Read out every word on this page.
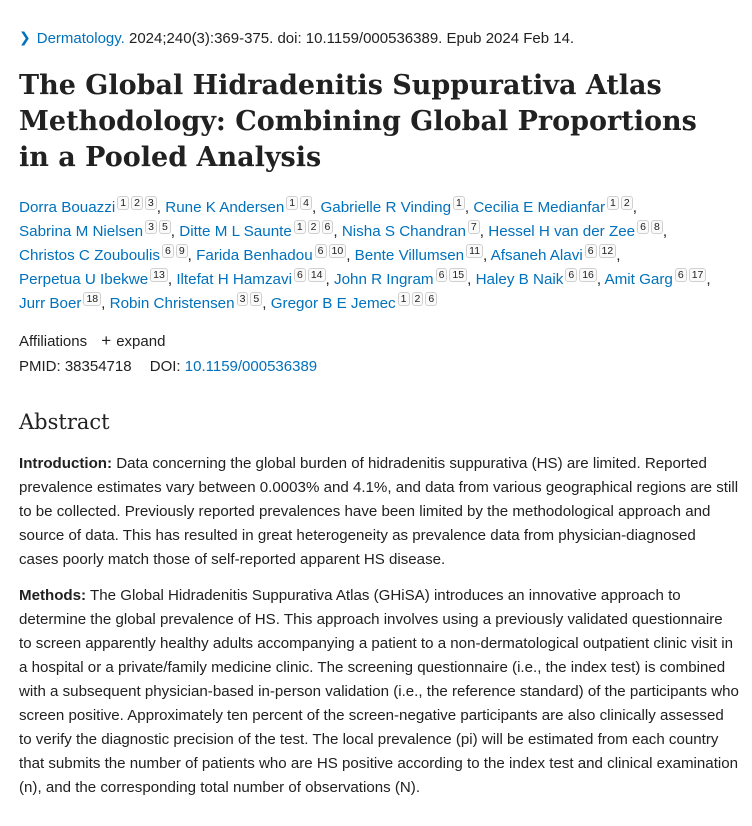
❯ Dermatology. 2024;240(3):369-375. doi: 10.1159/000536389. Epub 2024 Feb 14.
The Global Hidradenitis Suppurativa Atlas Methodology: Combining Global Proportions in a Pooled Analysis
Dorra Bouazzi $^{1 2 3}$ , Rune K Andersen $^{1 4}$ , Gabrielle R Vinding $^1$ , Cecilia E Medianfar $^{1 2}$ , Sabrina M Nielsen $^{3 5}$ , Ditte M L Saunte $^{1 2 6}$ , Nisha S Chandran $^7$ , Hessel H van der Zee $^{6 8}$ , Christos C Zouboulis $^{6 9}$ , Farida Benhadou $^{6 10}$ , Bente Villumsen $^{11}$ , Afsaneh Alavi $^{6 12}$ , Perpetua U Ibekwe $^{13}$ , Iltefat H Hamzavi $^{6 14}$ , John R Ingram $^{6 15}$ , Haley B Naik $^{6 16}$ , Amit Garg $^{6 17}$ , Jurr Boer $^{18}$ , Robin Christensen $^{3 5}$ , Gregor B E Jemec $^{1 2 6}$
Affiliations + expand
PMID: 38354718 DOI: 10.1159/000536389
Abstract

Introduction: Data concerning the global burden of hidradenitis suppurativa (HS) are limited. Reported prevalence estimates vary between 0.0003% and 4.1%, and data from various geographical regions are still to be collected. Previously reported prevalences have been limited by the methodological approach and source of data. This has resulted in great heterogeneity as prevalence data from physician-diagnosed cases poorly match those of self-reported apparent HS disease.

Methods: The Global Hidradenitis Suppurativa Atlas (GHiSA) introduces an innovative approach to determine the global prevalence of HS. This approach involves using a previously validated questionnaire to screen apparently healthy adults accompanying a patient to a non-dermatological outpatient clinic visit in a hospital or a private/family medicine clinic. The screening questionnaire (i.e., the index test) is combined with a subsequent physician-based in-person validation (i.e., the reference standard) of the participants who screen positive. Approximately ten percent of the screen-negative participants are also clinically assessed to verify the diagnostic precision of the test. The local prevalence (pi) will be estimated from each country that submits the number of patients who are HS positive according to the index test and clinical examination (n), and the corresponding total number of observations (N).
